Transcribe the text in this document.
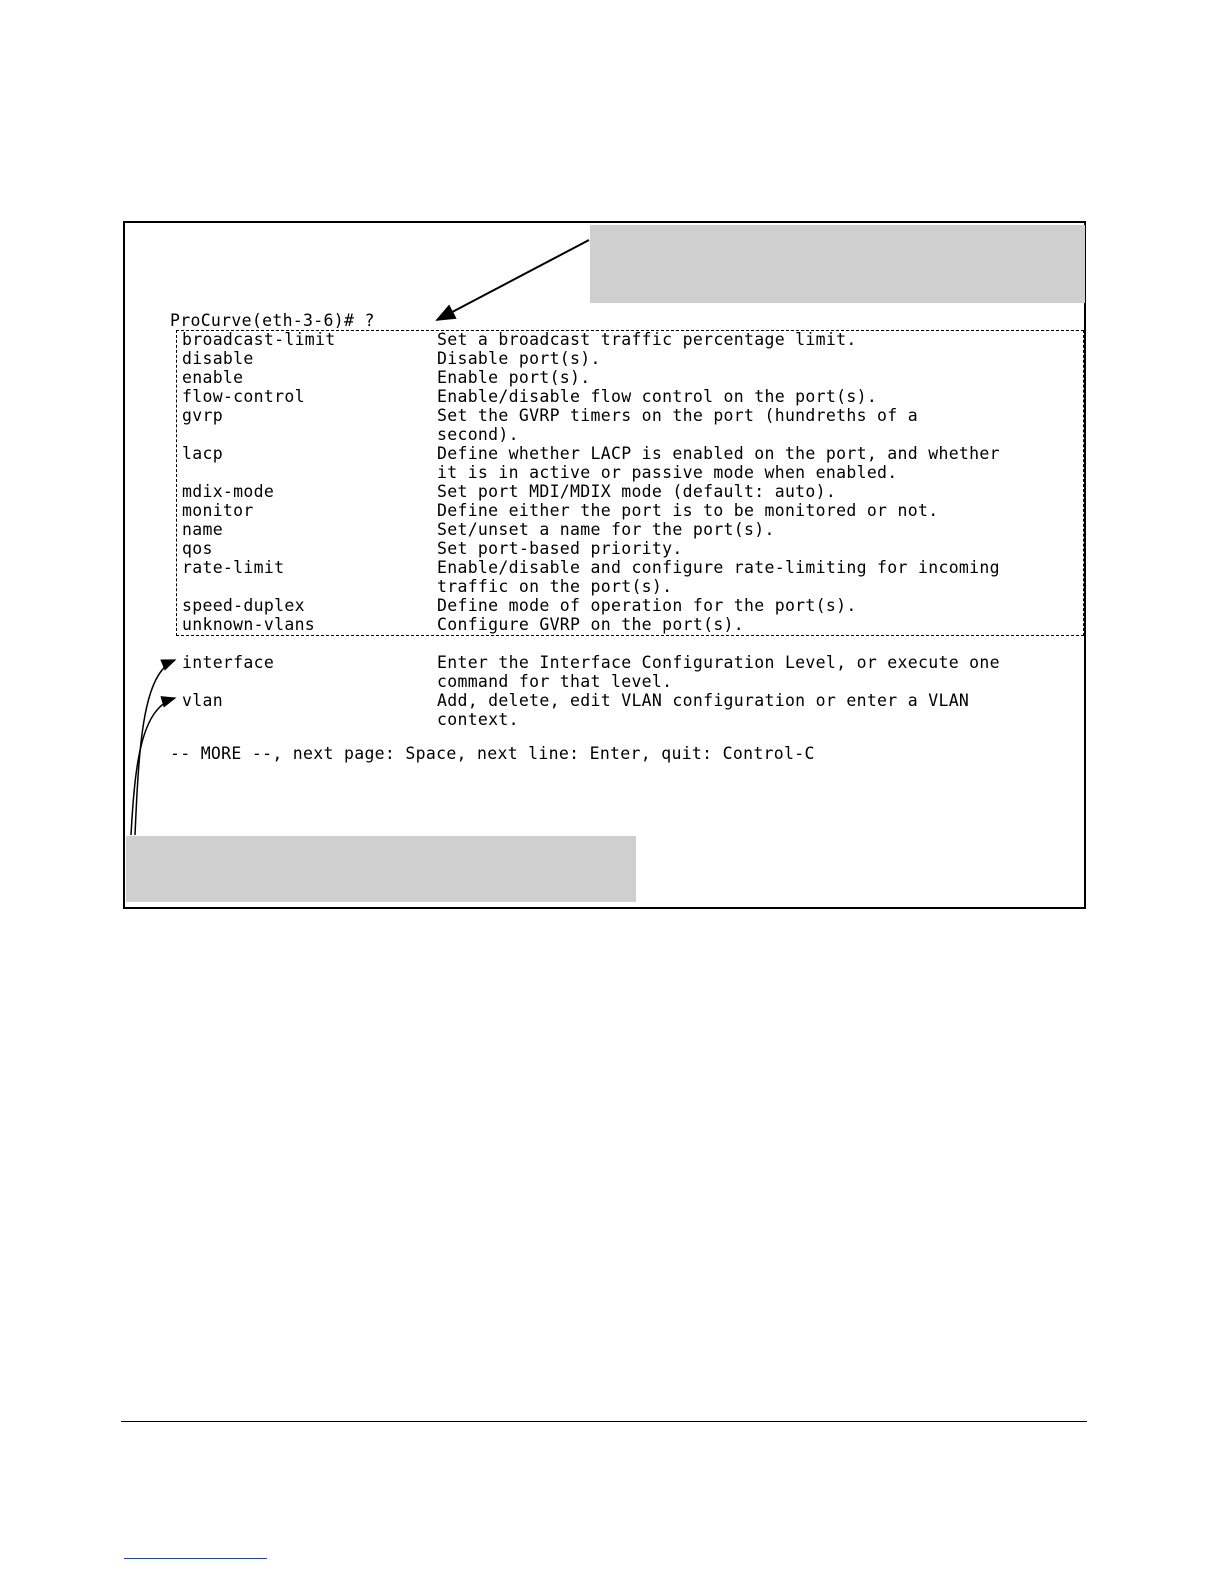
ProCurve(eth-3-6)# ?
broadcast-limit	Set a broadcast traffic percentage limit.
disable	Disable port(s).
enable	Enable port(s).
flow-control	Enable/disable flow control on the port(s).
gvrp	Set the GVRP timers on the port (hundreths of a
second).
lacp	Define whether LACP is enabled on the port, and whether
it is in active or passive mode when enabled.
mdix-mode	Set port MDI/MDIX mode (default: auto).
monitor	Define either the port is to be monitored or not.
name	Set/unset a name for the port(s).
qos	Set port-based priority.
rate-limit	Enable/disable and configure rate-limiting for incoming
traffic on the port(s).
speed-duplex	Define mode of operation for the port(s).
unknown-vlans	Configure GVRP on the port(s).
interface	Enter the Interface Configuration Level, or execute one
command for that level.
vlan	Add, delete, edit VLAN configuration or enter a VLAN
context.
-- MORE --, next page: Space, next line: Enter, quit: Control-C
